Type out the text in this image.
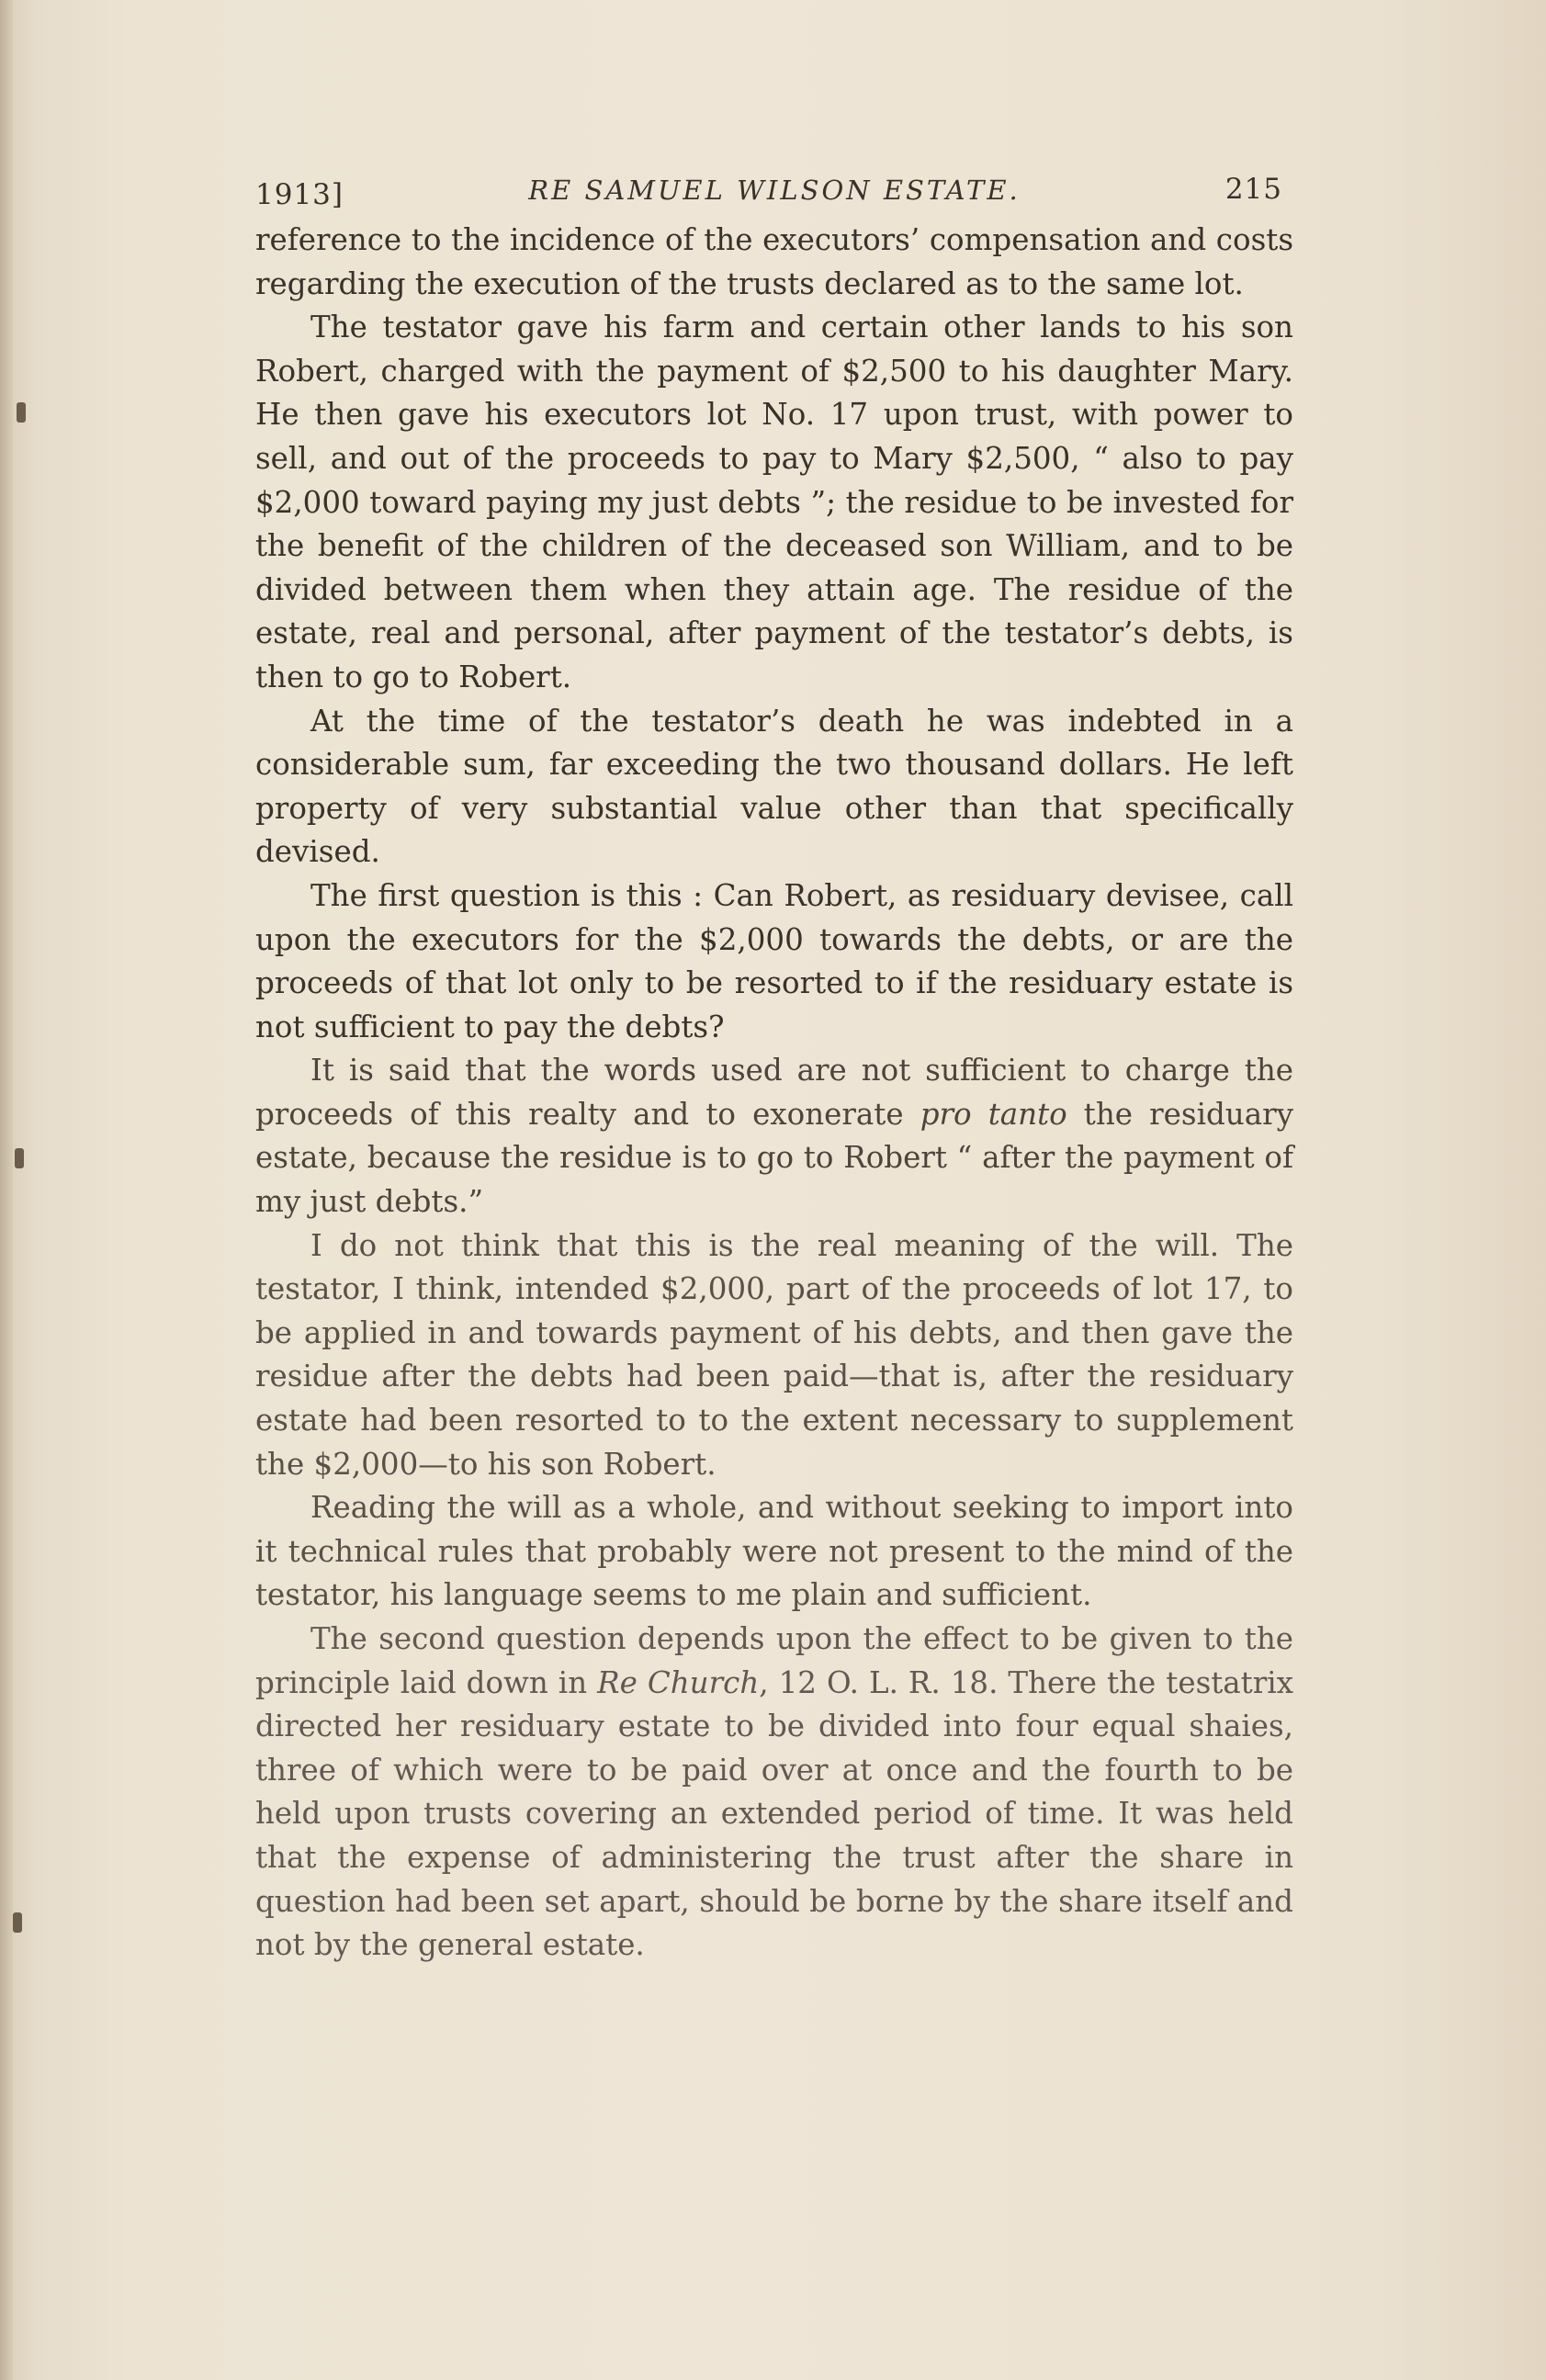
1913]	RE SAMUEL WILSON ESTATE.	215

reference to the incidence of the executors’ compensation and costs regarding the execution of the trusts declared as to the same lot.

The testator gave his farm and certain other lands to his son Robert, charged with the payment of $2,500 to his daughter Mary. He then gave his executors lot No. 17 upon trust, with power to sell, and out of the proceeds to pay to Mary $2,500, “ also to pay $2,000 toward paying my just debts ”; the residue to be invested for the benefit of the children of the deceased son William, and to be divided between them when they attain age. The residue of the estate, real and personal, after payment of the testator’s debts, is then to go to Robert.

At the time of the testator’s death he was indebted in a considerable sum, far exceeding the two thousand dollars. He left property of very substantial value other than that specifically devised.

The first question is this : Can Robert, as residuary devisee, call upon the executors for the $2,000 towards the debts, or are the proceeds of that lot only to be resorted to if the residuary estate is not sufficient to pay the debts?

It is said that the words used are not sufficient to charge the proceeds of this realty and to exonerate pro tanto the residuary estate, because the residue is to go to Robert “ after the payment of my just debts.”

I do not think that this is the real meaning of the will. The testator, I think, intended $2,000, part of the proceeds of lot 17, to be applied in and towards payment of his debts, and then gave the residue after the debts had been paid—that is, after the residuary estate had been resorted to to the extent necessary to supplement the $2,000—to his son Robert.

Reading the will as a whole, and without seeking to import into it technical rules that probably were not present to the mind of the testator, his language seems to me plain and sufficient.

The second question depends upon the effect to be given to the principle laid down in Re Church, 12 O. L. R. 18. There the testatrix directed her residuary estate to be divided into four equal shaies, three of which were to be paid over at once and the fourth to be held upon trusts covering an extended period of time. It was held that the expense of administering the trust after the share in question had been set apart, should be borne by the share itself and not by the general estate.
